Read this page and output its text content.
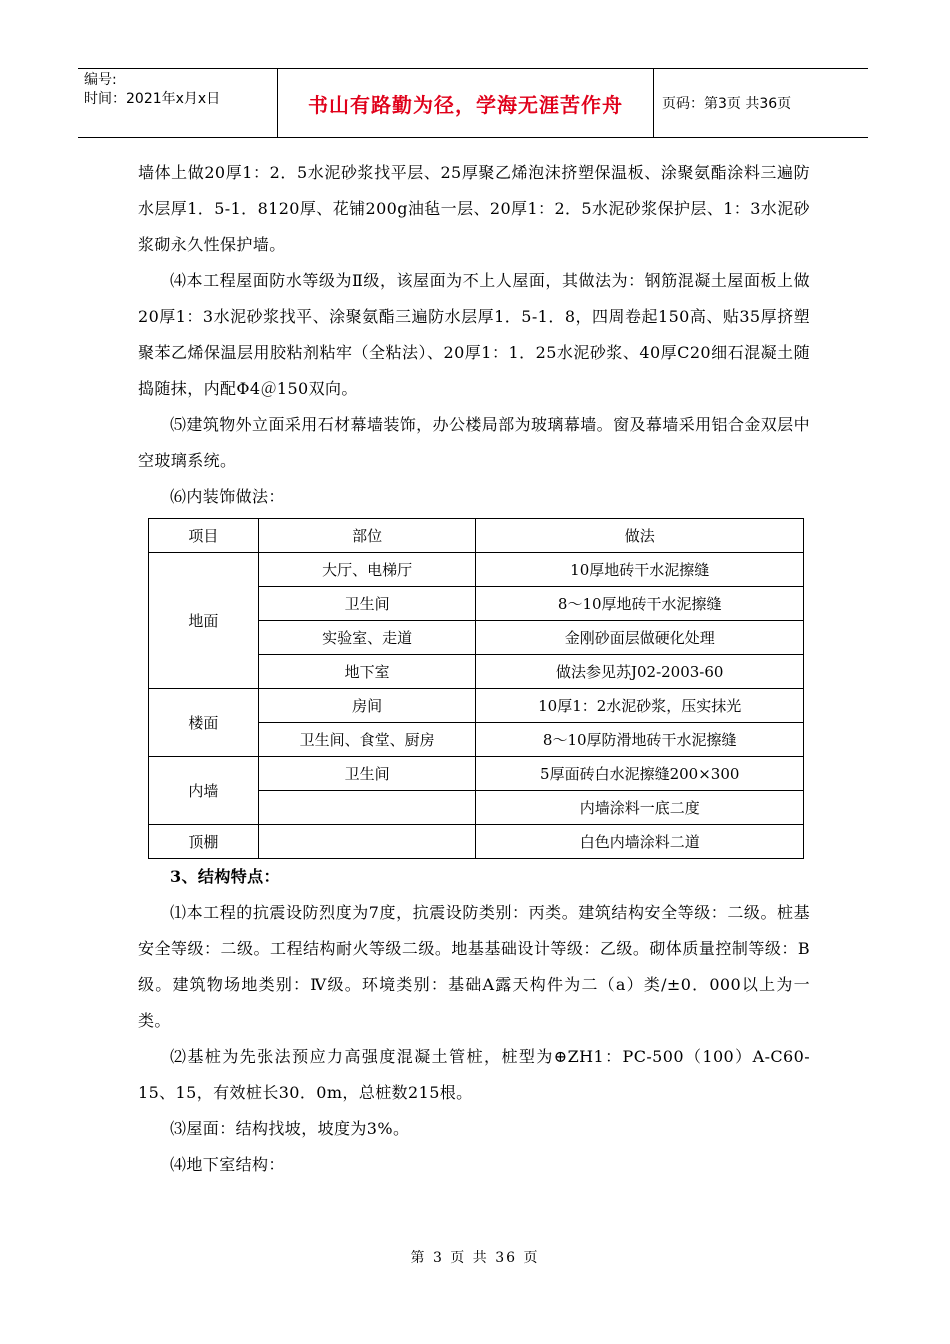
编号:
时间：2021年x月x日	书山有路勤为径，学海无涯苦作舟	页码：第3页 共36页

墙体上做20厚1：2．5水泥砂浆找平层、25厚聚乙烯泡沫挤塑保温板、涂聚氨酯涂料三遍防水层厚1．5-1．8120厚、花铺200g油毡一层、20厚1：2．5水泥砂浆保护层、1：3水泥砂浆砌永久性保护墙。

⑷本工程屋面防水等级为Ⅱ级，该屋面为不上人屋面，其做法为：钢筋混凝土屋面板上做20厚1：3水泥砂浆找平、涂聚氨酯三遍防水层厚1．5-1．8，四周卷起150高、贴35厚挤塑聚苯乙烯保温层用胶粘剂粘牢（全粘法）、20厚1：1．25水泥砂浆、40厚C20细石混凝土随捣随抹，内配Φ4＠150双向。

⑸建筑物外立面采用石材幕墙装饰，办公楼局部为玻璃幕墙。窗及幕墙采用铝合金双层中空玻璃系统。

⑹内装饰做法：

项目	部位	做法
地面	大厅、电梯厅	10厚地砖干水泥擦缝
	卫生间	8～10厚地砖干水泥擦缝
	实验室、走道	金刚砂面层做硬化处理
	地下室	做法参见苏J02-2003-60
楼面	房间	10厚1：2水泥砂浆，压实抹光
	卫生间、食堂、厨房	8～10厚防滑地砖干水泥擦缝
内墙	卫生间	5厚面砖白水泥擦缝200×300
		内墙涂料一底二度
顶棚		白色内墙涂料二道

3、结构特点：

⑴本工程的抗震设防烈度为7度，抗震设防类别：丙类。建筑结构安全等级：二级。桩基安全等级：二级。工程结构耐火等级二级。地基基础设计等级：乙级。砌体质量控制等级：B级。建筑物场地类别：Ⅳ级。环境类别：基础A露天构件为二（a）类/±0．000以上为一类。

⑵基桩为先张法预应力高强度混凝土管桩，桩型为⊕ZH1：PC-500（100）A-C60-15、15，有效桩长30．0m，总桩数215根。

⑶屋面：结构找坡，坡度为3%。

⑷地下室结构：

第 3 页 共 36 页
